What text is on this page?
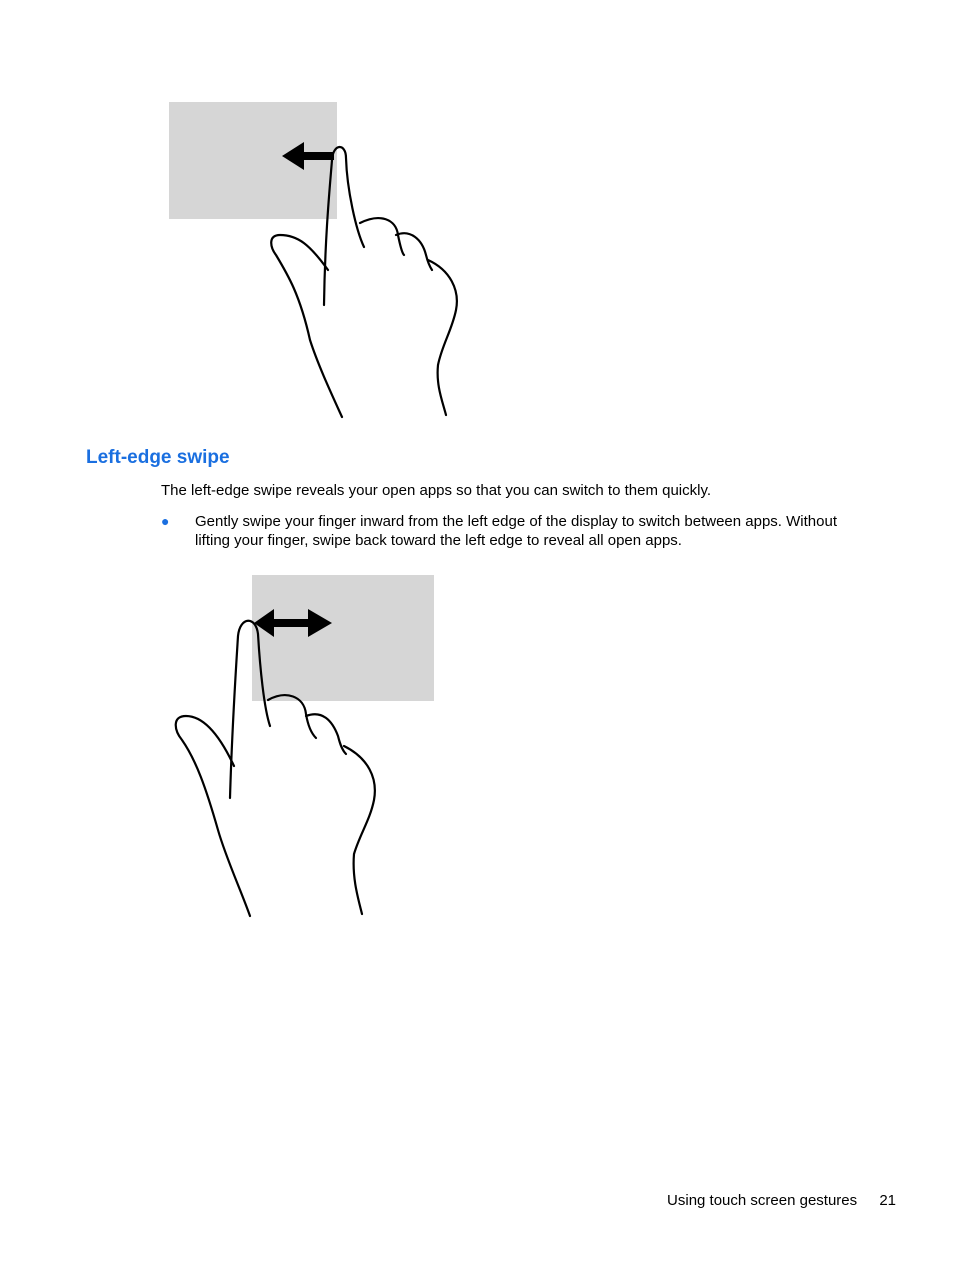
Left-edge swipe

The left-edge swipe reveals your open apps so that you can switch to them quickly.

● Gently swipe your finger inward from the left edge of the display to switch between apps. Without lifting your finger, swipe back toward the left edge to reveal all open apps.
Using touch screen gestures 21
